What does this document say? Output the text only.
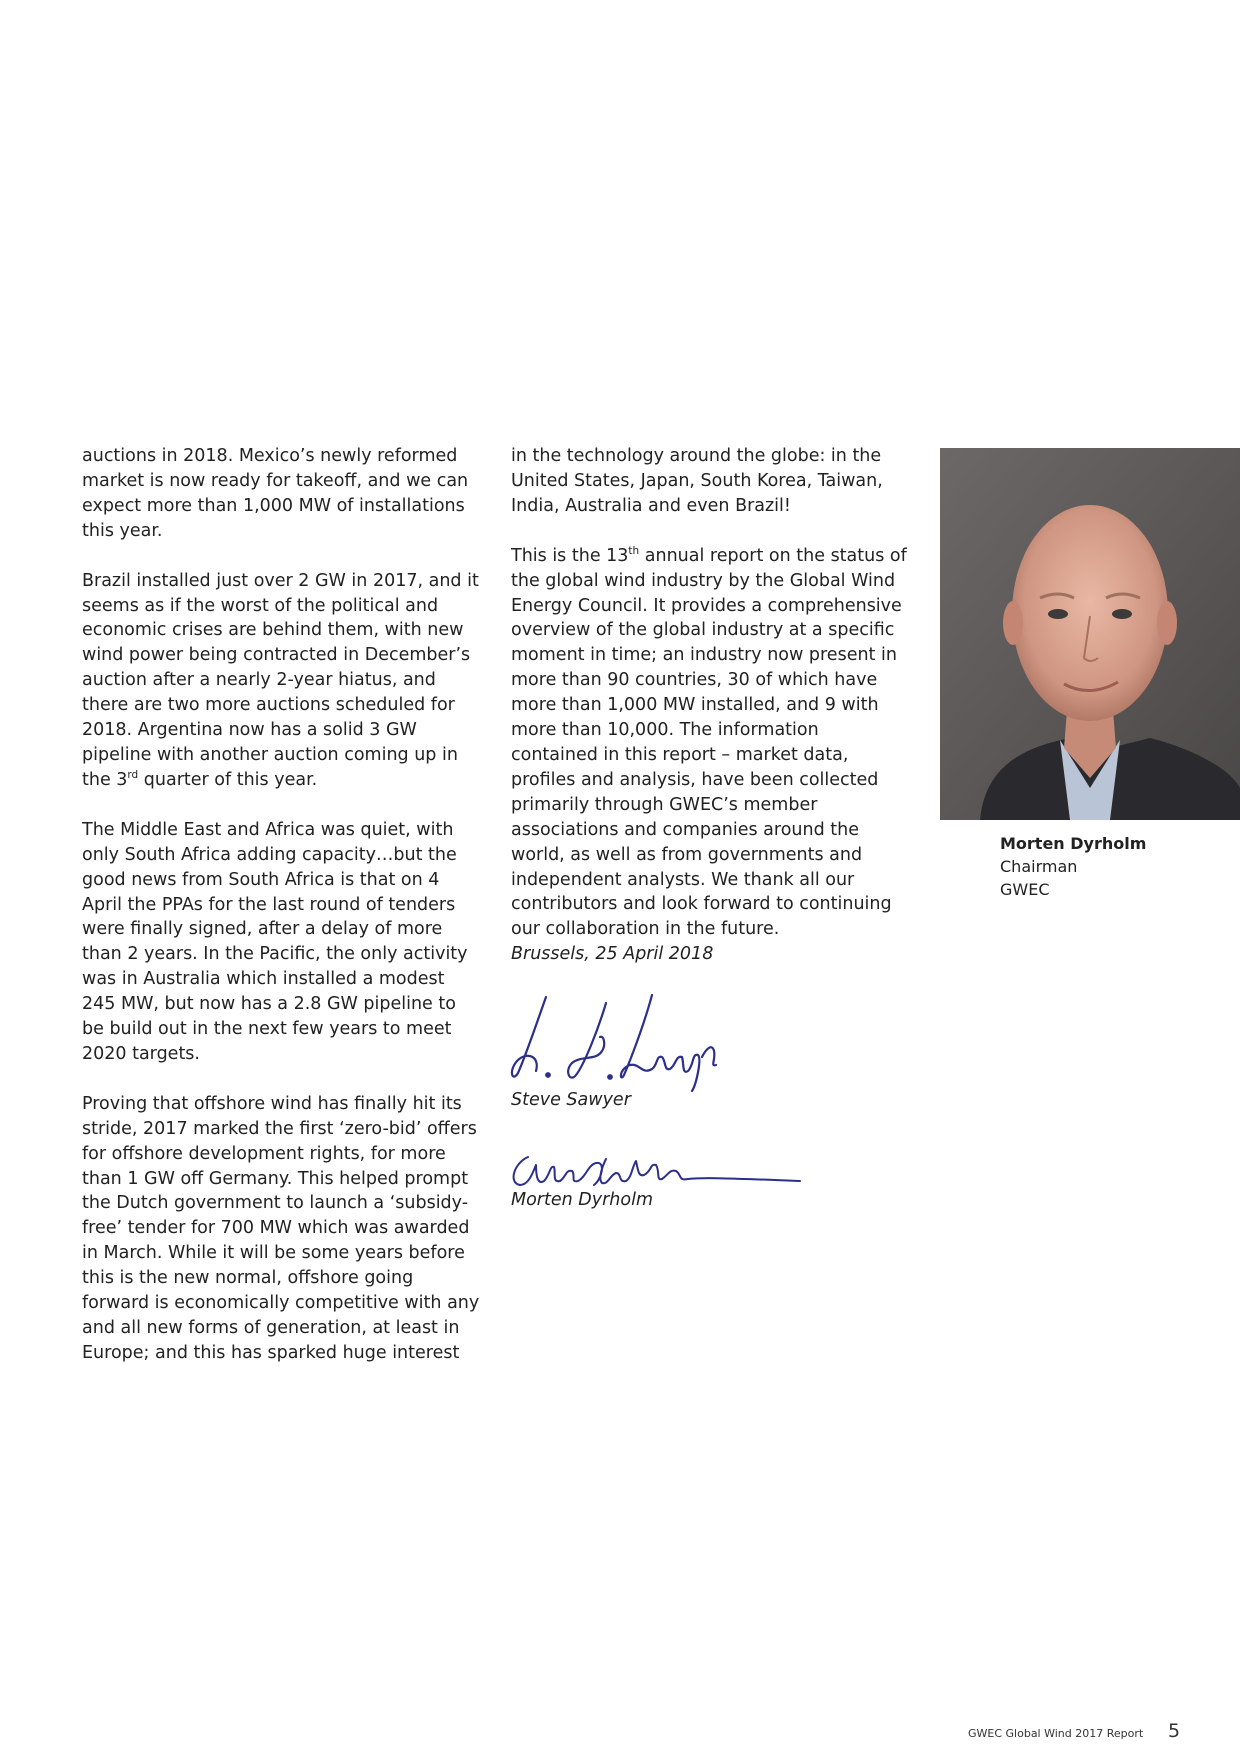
auctions in 2018. Mexico’s newly reformed market is now ready for takeoff, and we can expect more than 1,000 MW of installations this year.

Brazil installed just over 2 GW in 2017, and it seems as if the worst of the political and economic crises are behind them, with new wind power being contracted in December’s auction after a nearly 2-year hiatus, and there are two more auctions scheduled for 2018. Argentina now has a solid 3 GW pipeline with another auction coming up in the 3rd quarter of this year.

The Middle East and Africa was quiet, with only South Africa adding capacity…but the good news from South Africa is that on 4 April the PPAs for the last round of tenders were finally signed, after a delay of more than 2 years. In the Pacific, the only activity was in Australia which installed a modest 245 MW, but now has a 2.8 GW pipeline to be build out in the next few years to meet 2020 targets.

Proving that offshore wind has finally hit its stride, 2017 marked the first ‘zero-bid’ offers for offshore development rights, for more than 1 GW off Germany. This helped prompt the Dutch government to launch a ‘subsidy-free’ tender for 700 MW which was awarded in March. While it will be some years before this is the new normal, offshore going forward is economically competitive with any and all new forms of generation, at least in Europe; and this has sparked huge interest

in the technology around the globe: in the United States, Japan, South Korea, Taiwan, India, Australia and even Brazil!

This is the 13th annual report on the status of the global wind industry by the Global Wind Energy Council. It provides a comprehensive overview of the global industry at a specific moment in time; an industry now present in more than 90 countries, 30 of which have more than 1,000 MW installed, and 9 with more than 10,000. The information contained in this report – market data, profiles and analysis, have been collected primarily through GWEC’s member associations and companies around the world, as well as from governments and independent analysts. We thank all our contributors and look forward to continuing our collaboration in the future.

Brussels, 25 April 2018
Steve Sawyer
Morten Dyrholm
Morten Dyrholm
Chairman
GWEC
GWEC Global Wind 2017 Report 5
